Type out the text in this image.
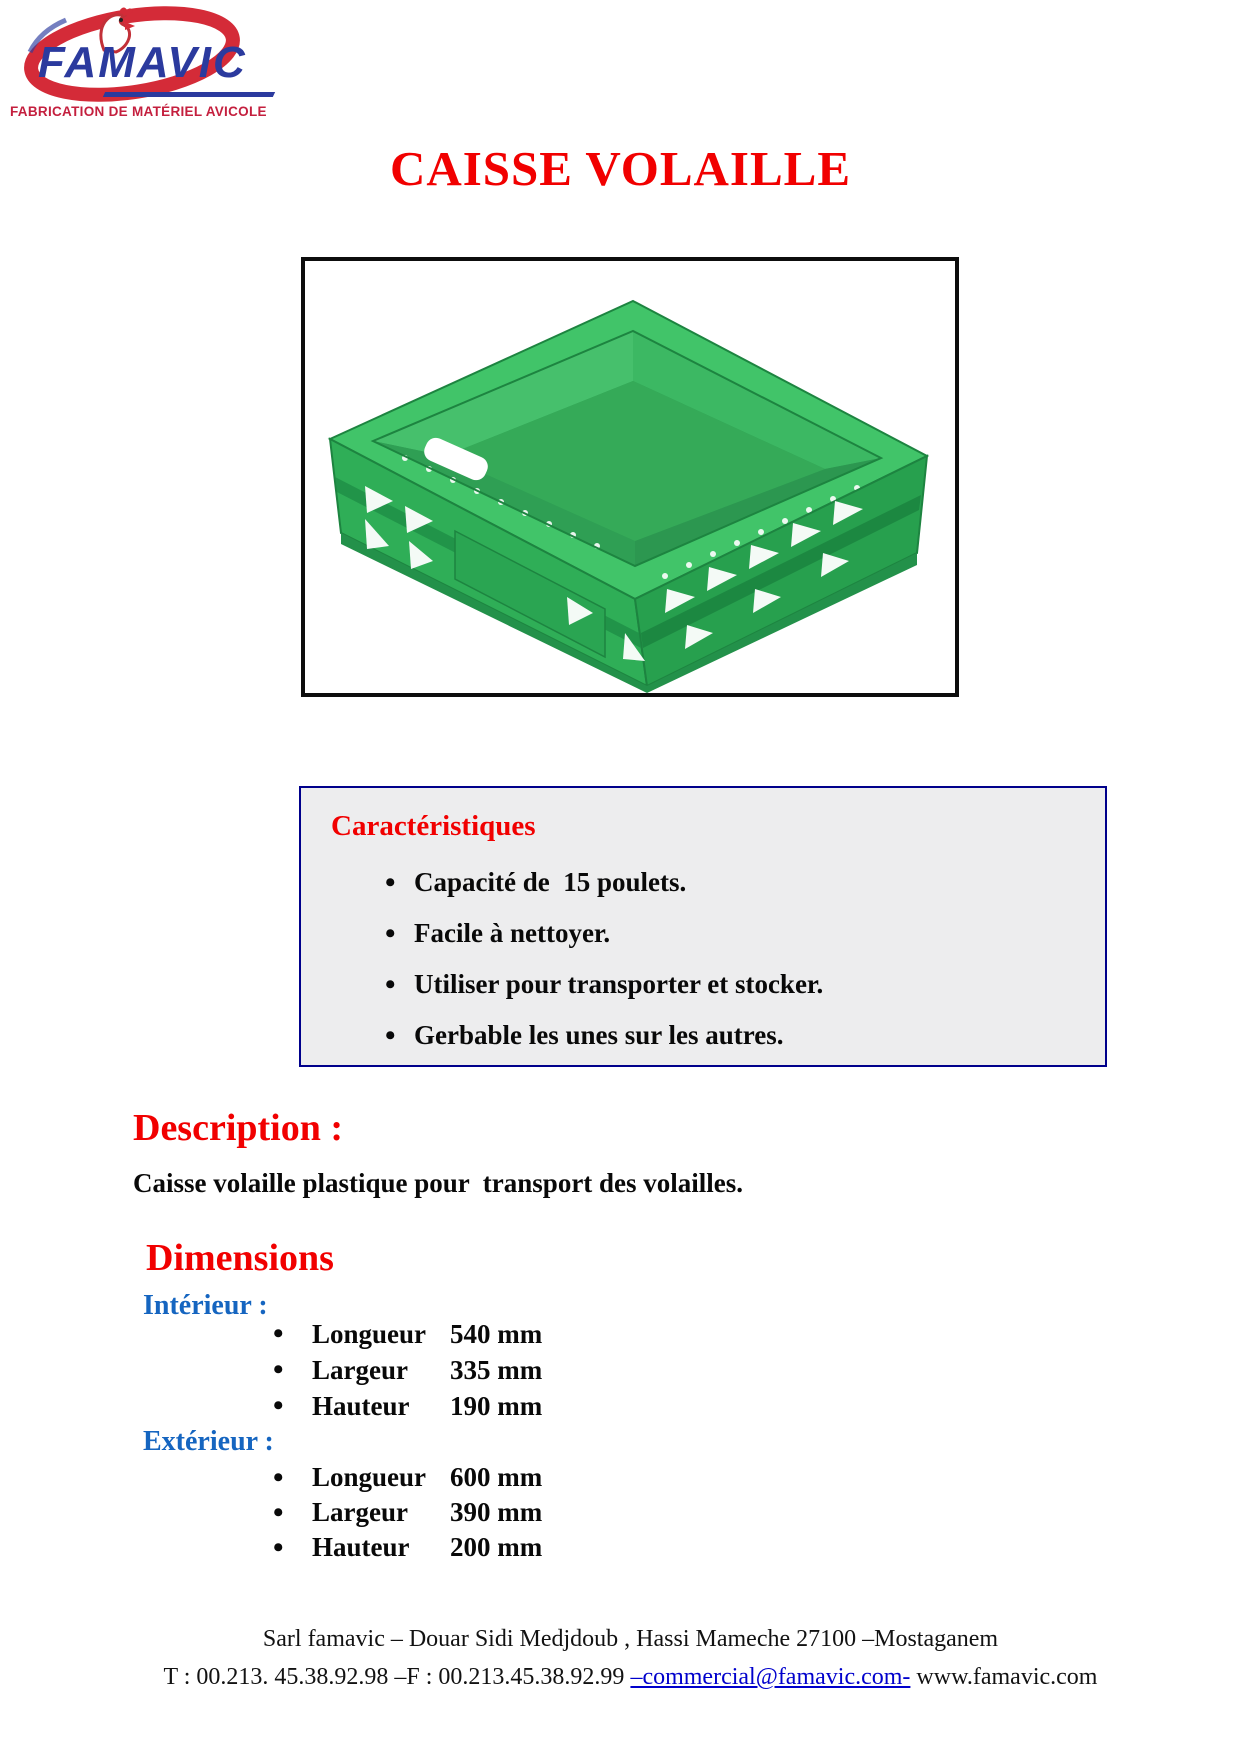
FAMAVIC
FABRICATION DE MATÉRIEL AVICOLE
CAISSE VOLAILLE
Caractéristiques
• Capacité de  15 poulets.
• Facile à nettoyer.
• Utiliser pour transporter et stocker.
• Gerbable les unes sur les autres.
Description :
Caisse volaille plastique pour  transport des volailles.
Dimensions
Intérieur :
• Longueur 540 mm
• Largeur 335 mm
• Hauteur 190 mm
Extérieur :
• Longueur 600 mm
• Largeur 390 mm
• Hauteur 200 mm
Sarl famavic – Douar Sidi Medjdoub , Hassi Mameche 27100 –Mostaganem
T : 00.213. 45.38.92.98 –F : 00.213.45.38.92.99 –commercial@famavic.com- www.famavic.com
